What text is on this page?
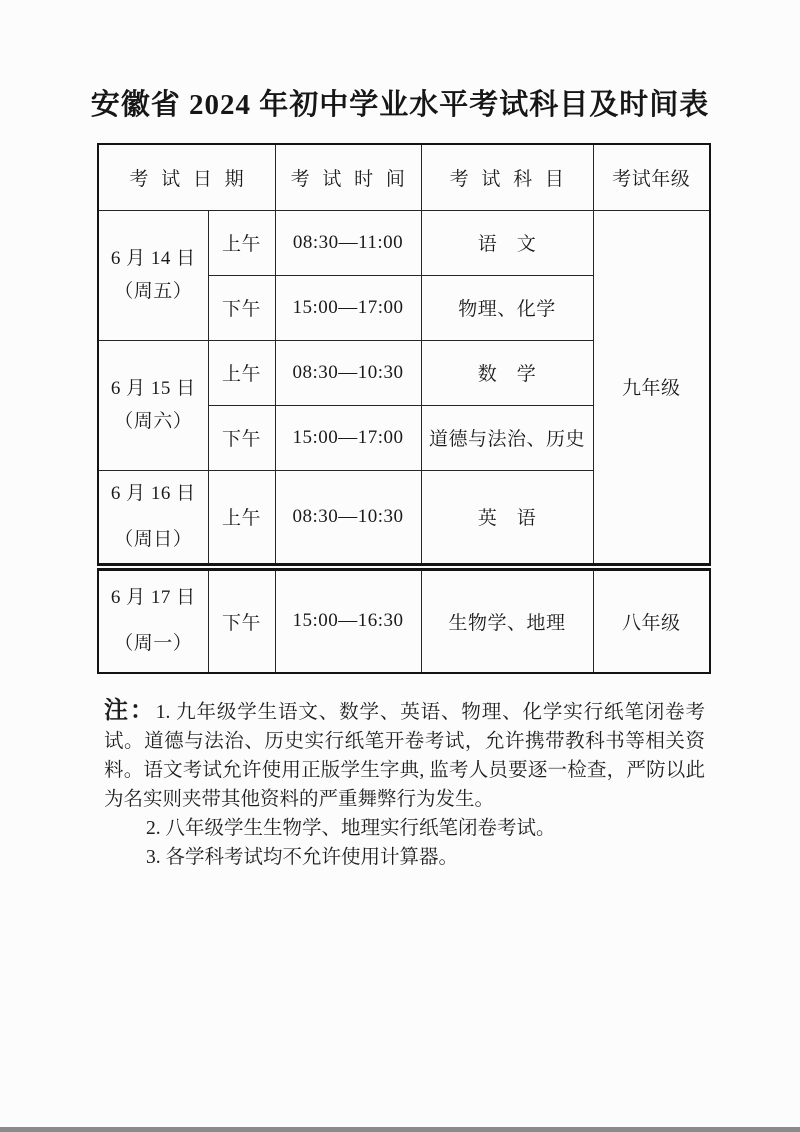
安徽省 2024 年初中学业水平考试科目及时间表
考 试 日 期		考 试 时 间	考 试 科 目	考试年级

6 月 14 日
（周五）	上午	08:30—11:00	语　文	九年级
	下午	15:00—17:00	物理、化学	

6 月 15 日
（周六）	上午	08:30—10:30	数　学	
	下午	15:00—17:00	道德与法治、历史	

6 月 16 日
（周日）	上午	08:30—10:30	英　语	

6 月 17 日
（周一）	下午	15:00—16:30	生物学、地理	八年级

注：1. 九年级学生语文、数学、英语、物理、化学实行纸笔闭卷考试。道德与法治、历史实行纸笔开卷考试，允许携带教科书等相关资料。语文考试允许使用正版学生字典, 监考人员要逐一检查，严防以此为名实则夹带其他资料的严重舞弊行为发生。

2. 八年级学生生物学、地理实行纸笔闭卷考试。

3. 各学科考试均不允许使用计算器。
